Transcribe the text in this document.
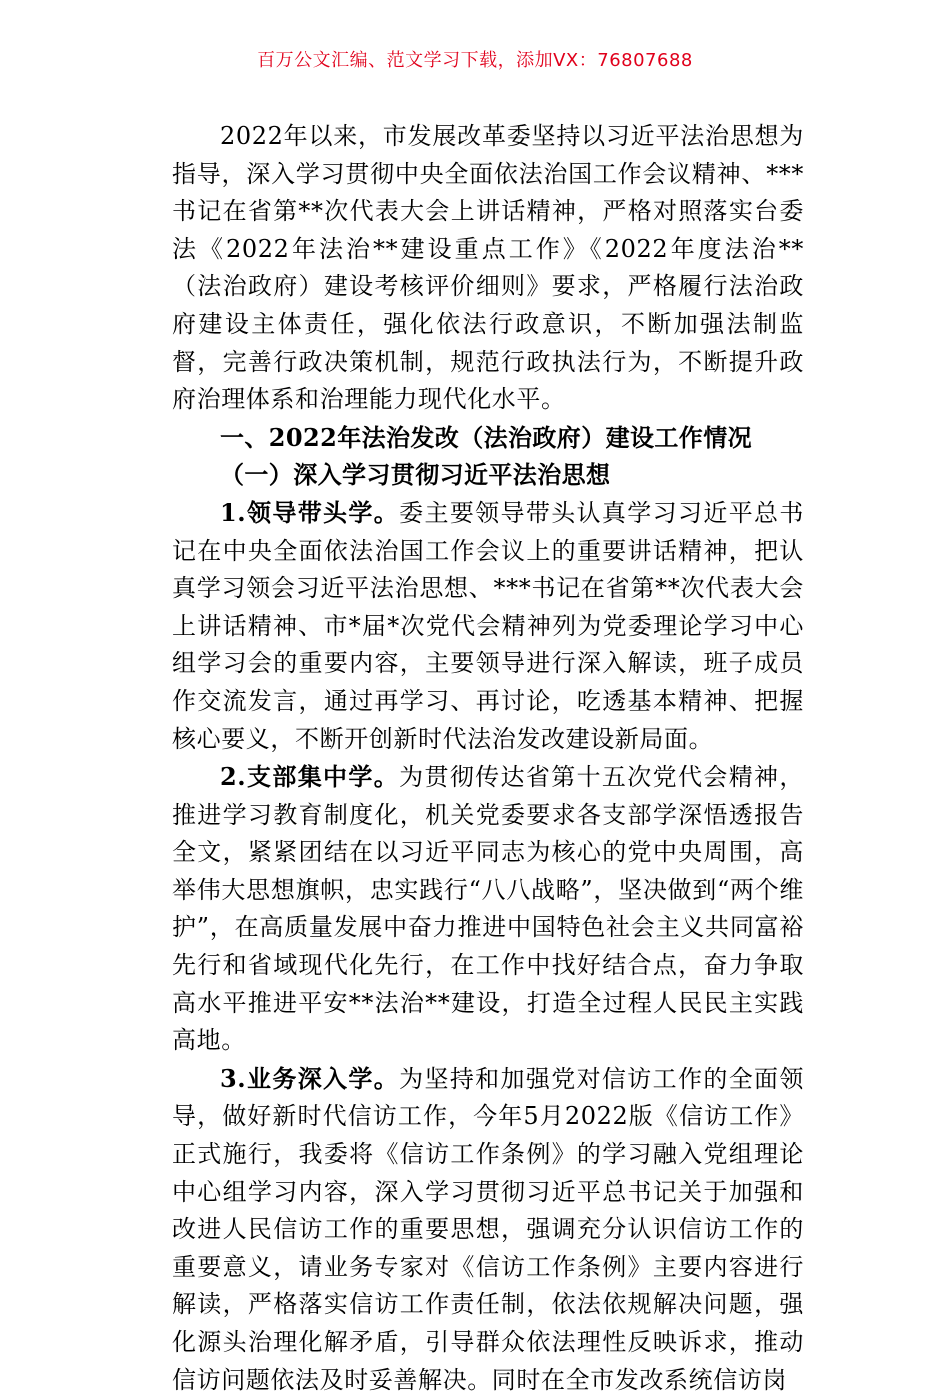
百万公文汇编、范文学习下载，添加VX：76807688

2022年以来，市发展改革委坚持以习近平法治思想为指导，深入学习贯彻中央全面依法治国工作会议精神、***书记在省第**次代表大会上讲话精神，严格对照落实台委法《2022年法治**建设重点工作》《2022年度法治**（法治政府）建设考核评价细则》要求，严格履行法治政府建设主体责任，强化依法行政意识，不断加强法制监督，完善行政决策机制，规范行政执法行为，不断提升政府治理体系和治理能力现代化水平。

一、2022年法治发改（法治政府）建设工作情况

（一）深入学习贯彻习近平法治思想

1.领导带头学。委主要领导带头认真学习习近平总书记在中央全面依法治国工作会议上的重要讲话精神，把认真学习领会习近平法治思想、***书记在省第**次代表大会上讲话精神、市*届*次党代会精神列为党委理论学习中心组学习会的重要内容，主要领导进行深入解读，班子成员作交流发言，通过再学习、再讨论，吃透基本精神、把握核心要义，不断开创新时代法治发改建设新局面。

2.支部集中学。为贯彻传达省第十五次党代会精神，推进学习教育制度化，机关党委要求各支部学深悟透报告全文，紧紧团结在以习近平同志为核心的党中央周围，高举伟大思想旗帜，忠实践行“八八战略”，坚决做到“两个维护”，在高质量发展中奋力推进中国特色社会主义共同富裕先行和省域现代化先行，在工作中找好结合点，奋力争取高水平推进平安**法治**建设，打造全过程人民民主实践高地。

3.业务深入学。为坚持和加强党对信访工作的全面领导，做好新时代信访工作，今年5月2022版《信访工作》正式施行，我委将《信访工作条例》的学习融入党组理论中心组学习内容，深入学习贯彻习近平总书记关于加强和改进人民信访工作的重要思想，强调充分认识信访工作的重要意义，请业务专家对《信访工作条例》主要内容进行解读，严格落实信访工作责任制，依法依规解决问题，强化源头治理化解矛盾，引导群众依法理性反映诉求，推动信访问题依法及时妥善解决。同时在全市发改系统信访岗
